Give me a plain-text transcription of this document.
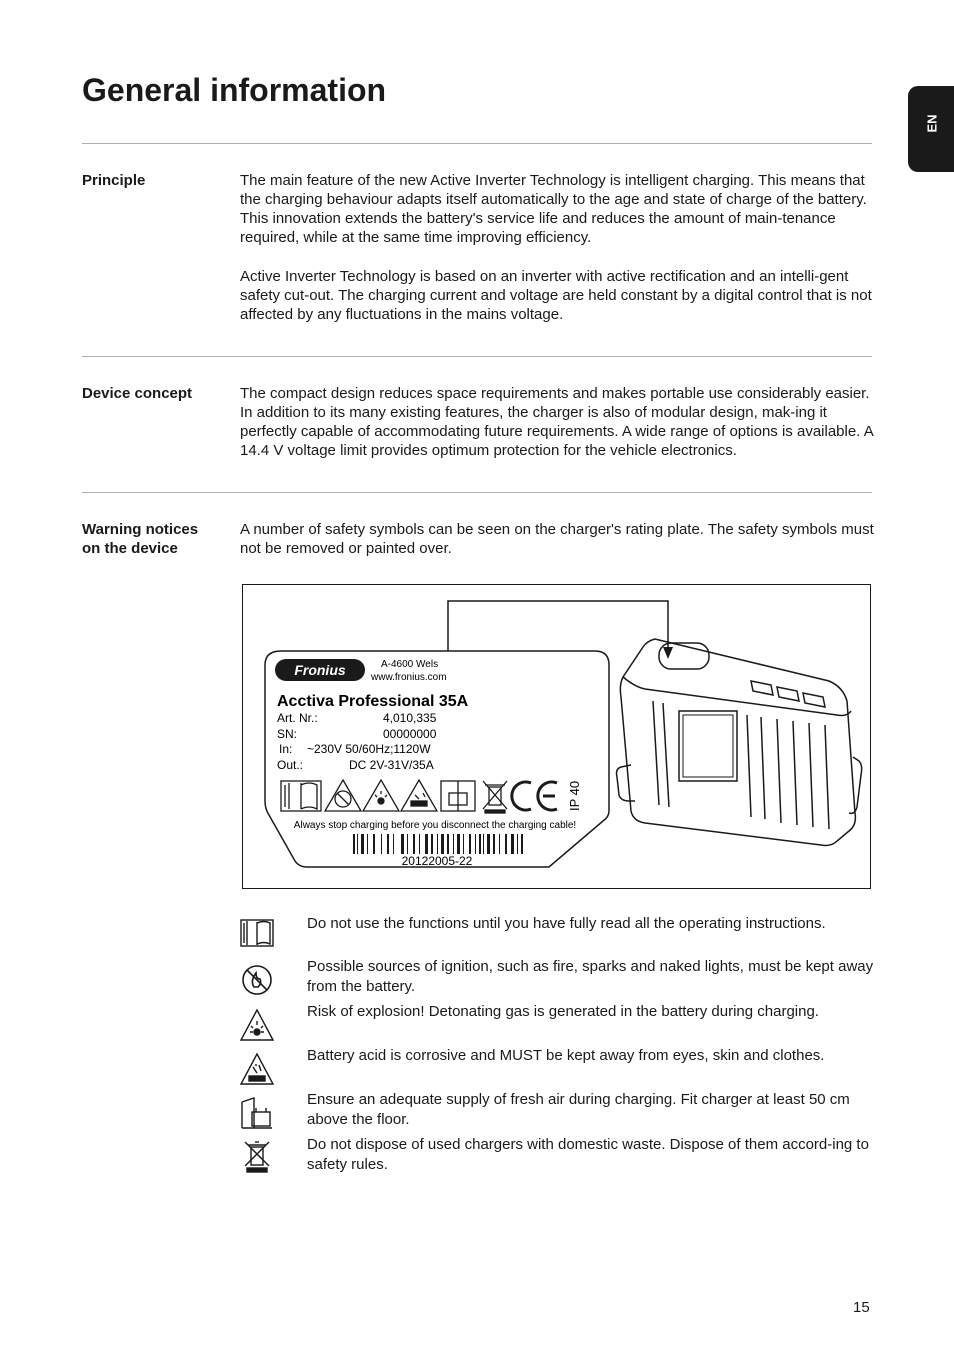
General information
EN
Principle	The main feature of the new Active Inverter Technology is intelligent charging. This means that the charging behaviour adapts itself automatically to the age and state of charge of the battery. This innovation extends the battery's service life and reduces the amount of main-tenance required, while at the same time improving efficiency.
Active Inverter Technology is based on an inverter with active rectification and an intelli-gent safety cut-out. The charging current and voltage are held constant by a digital control that is not affected by any fluctuations in the mains voltage.
Device concept	The compact design reduces space requirements and makes portable use considerably easier. In addition to its many existing features, the charger is also of modular design, mak-ing it perfectly capable of accommodating future requirements. A wide range of options is available. A 14.4 V voltage limit provides optimum protection for the vehicle electronics.
Warning notices
on the device
A number of safety symbols can be seen on the charger's rating plate. The safety symbols must not be removed or painted over.
Fronius	A-4600 Wels
www.fronius.com
Acctiva Professional 35A
Art. Nr.:	4,010,335
SN:	00000000
In: ~230V 50/60Hz;1120W
Out.:	DC 2V-31V/35A
IP 40
Always stop charging before you disconnect the charging cable!
20122005-22
Do not use the functions until you have fully read all the operating instructions.
Possible sources of ignition, such as fire, sparks and naked lights, must be kept away from the battery.
Risk of explosion! Detonating gas is generated in the battery during charging.
Battery acid is corrosive and MUST be kept away from eyes, skin and clothes.
Ensure an adequate supply of fresh air during charging. Fit charger at least 50 cm above the floor.
Do not dispose of used chargers with domestic waste. Dispose of them accord-ing to safety rules.
15
